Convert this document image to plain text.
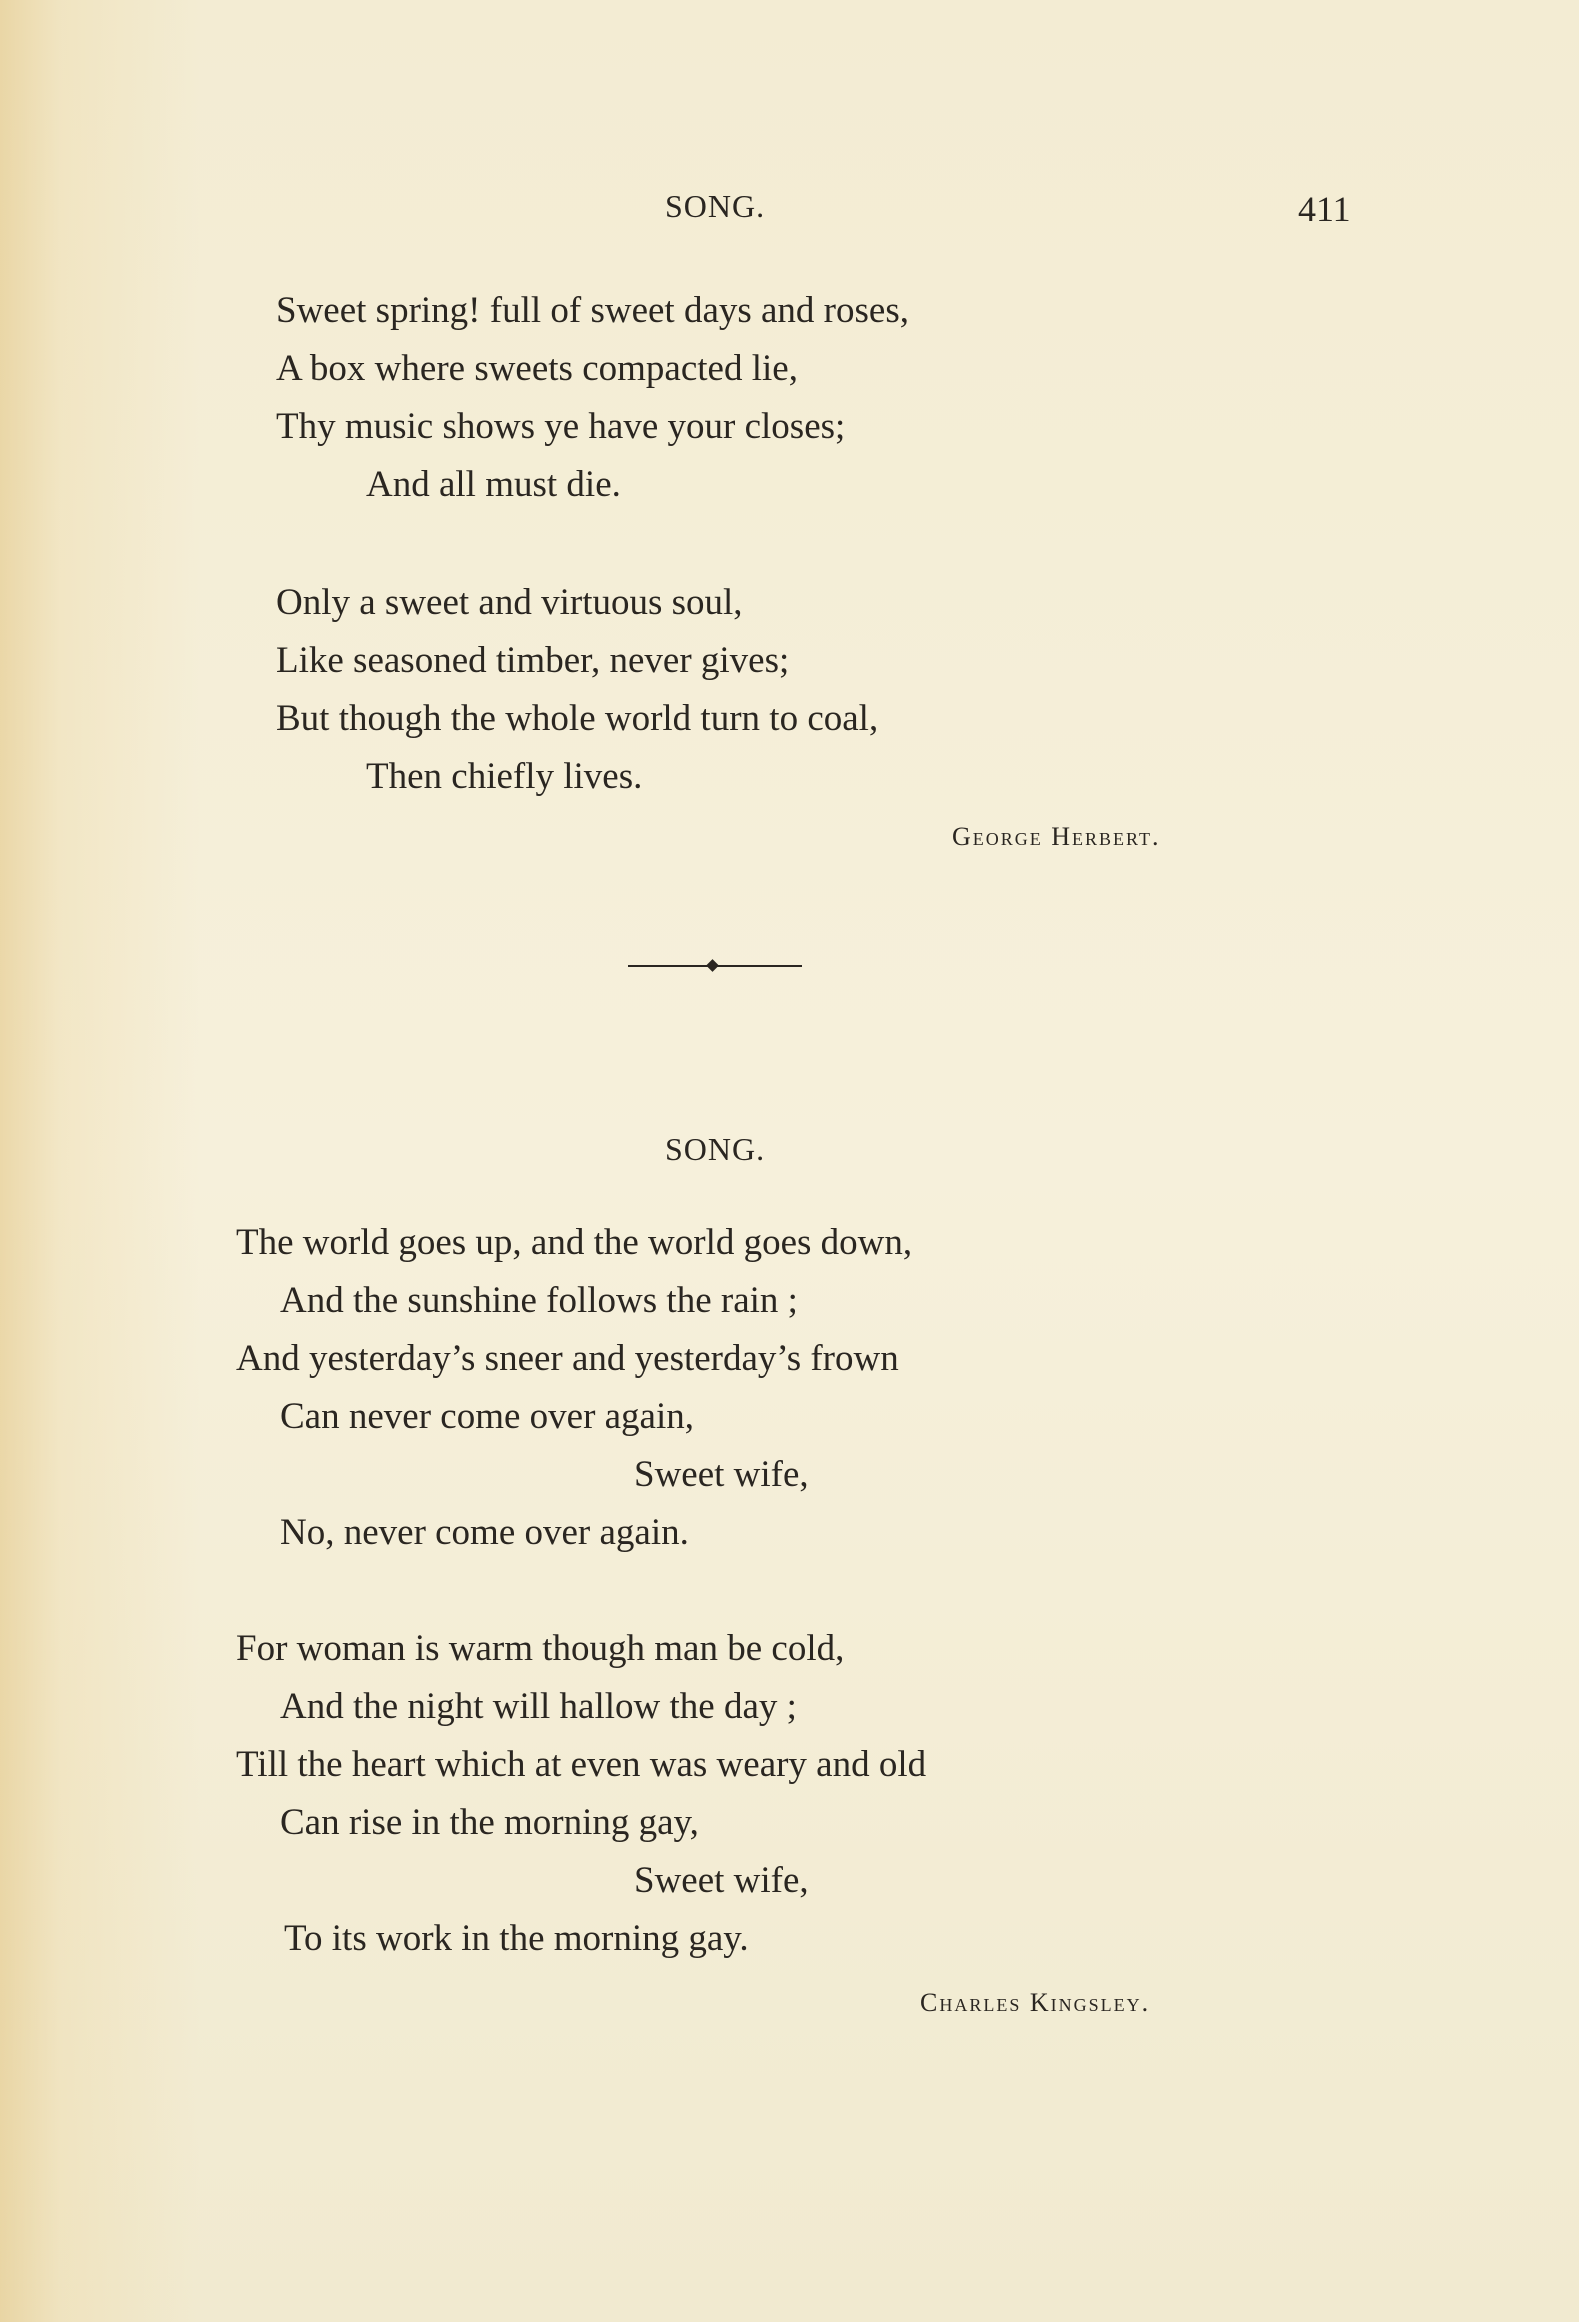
SONG.	411
Sweet spring! full of sweet days and roses,
A box where sweets compacted lie,
Thy music shows ye have your closes;
And all must die.
Only a sweet and virtuous soul,
Like seasoned timber, never gives;
But though the whole world turn to coal,
Then chiefly lives.
George Herbert.
SONG.
The world goes up, and the world goes down,
And the sunshine follows the rain ;
And yesterday’s sneer and yesterday’s frown
Can never come over again,
Sweet wife,
No, never come over again.
For woman is warm though man be cold,
And the night will hallow the day ;
Till the heart which at even was weary and old
Can rise in the morning gay,
Sweet wife,
To its work in the morning gay.
Charles Kingsley.
